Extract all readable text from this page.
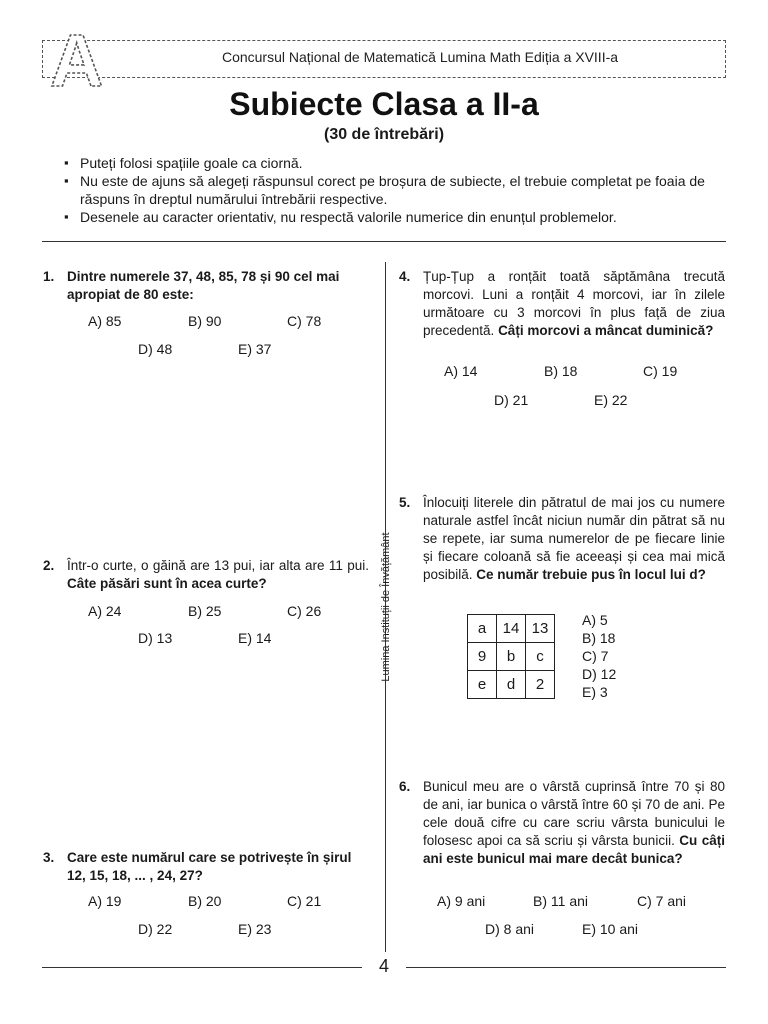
A	Concursul Național de Matematică Lumina Math Ediția a XVIII-a
Subiecte Clasa a II-a
(30 de întrebări)
▪ Puteți folosi spațiile goale ca ciornă.
▪ Nu este de ajuns să alegeți răspunsul corect pe broșura de subiecte, el trebuie completat pe foaia de răspuns în dreptul numărului întrebării respective.
▪ Desenele au caracter orientativ, nu respectă valorile numerice din enunțul problemelor.
Lumina Instituții de Învățământ
1. Dintre numerele 37, 48, 85, 78 și 90 cel mai apropiat de 80 este:
A) 85	B) 90	C) 78
D) 48	E) 37
2. Într-o curte, o găină are 13 pui, iar alta are 11 pui. Câte păsări sunt în acea curte?
A) 24	B) 25	C) 26
D) 13	E) 14
3. Care este numărul care se potrivește în șirul 12, 15, 18, ... , 24, 27?
A) 19	B) 20	C) 21
D) 22	E) 23
4. Țup-Țup a ronțăit toată săptămâna trecută morcovi. Luni a ronțăit 4 morcovi, iar în zilele următoare cu 3 morcovi în plus față de ziua precedentă. Câți morcovi a mâncat duminică?
A) 14	B) 18	C) 19
D) 21	E) 22
5. Înlocuiți literele din pătratul de mai jos cu numere naturale astfel încât niciun număr din pătrat să nu se repete, iar suma numerelor de pe fiecare linie și fiecare coloană să fie aceeași și cea mai mică posibilă. Ce număr trebuie pus în locul lui d?
a	14	13
9	b	c
e	d	2
A) 5
B) 18
C) 7
D) 12
E) 3
6. Bunicul meu are o vârstă cuprinsă între 70 și 80 de ani, iar bunica o vârstă între 60 și 70 de ani. Pe cele două cifre cu care scriu vârsta bunicului le folosesc apoi ca să scriu și vârsta bunicii. Cu câți ani este bunicul mai mare decât bunica?
A) 9 ani	B) 11 ani	C) 7 ani
D) 8 ani	E) 10 ani
4
